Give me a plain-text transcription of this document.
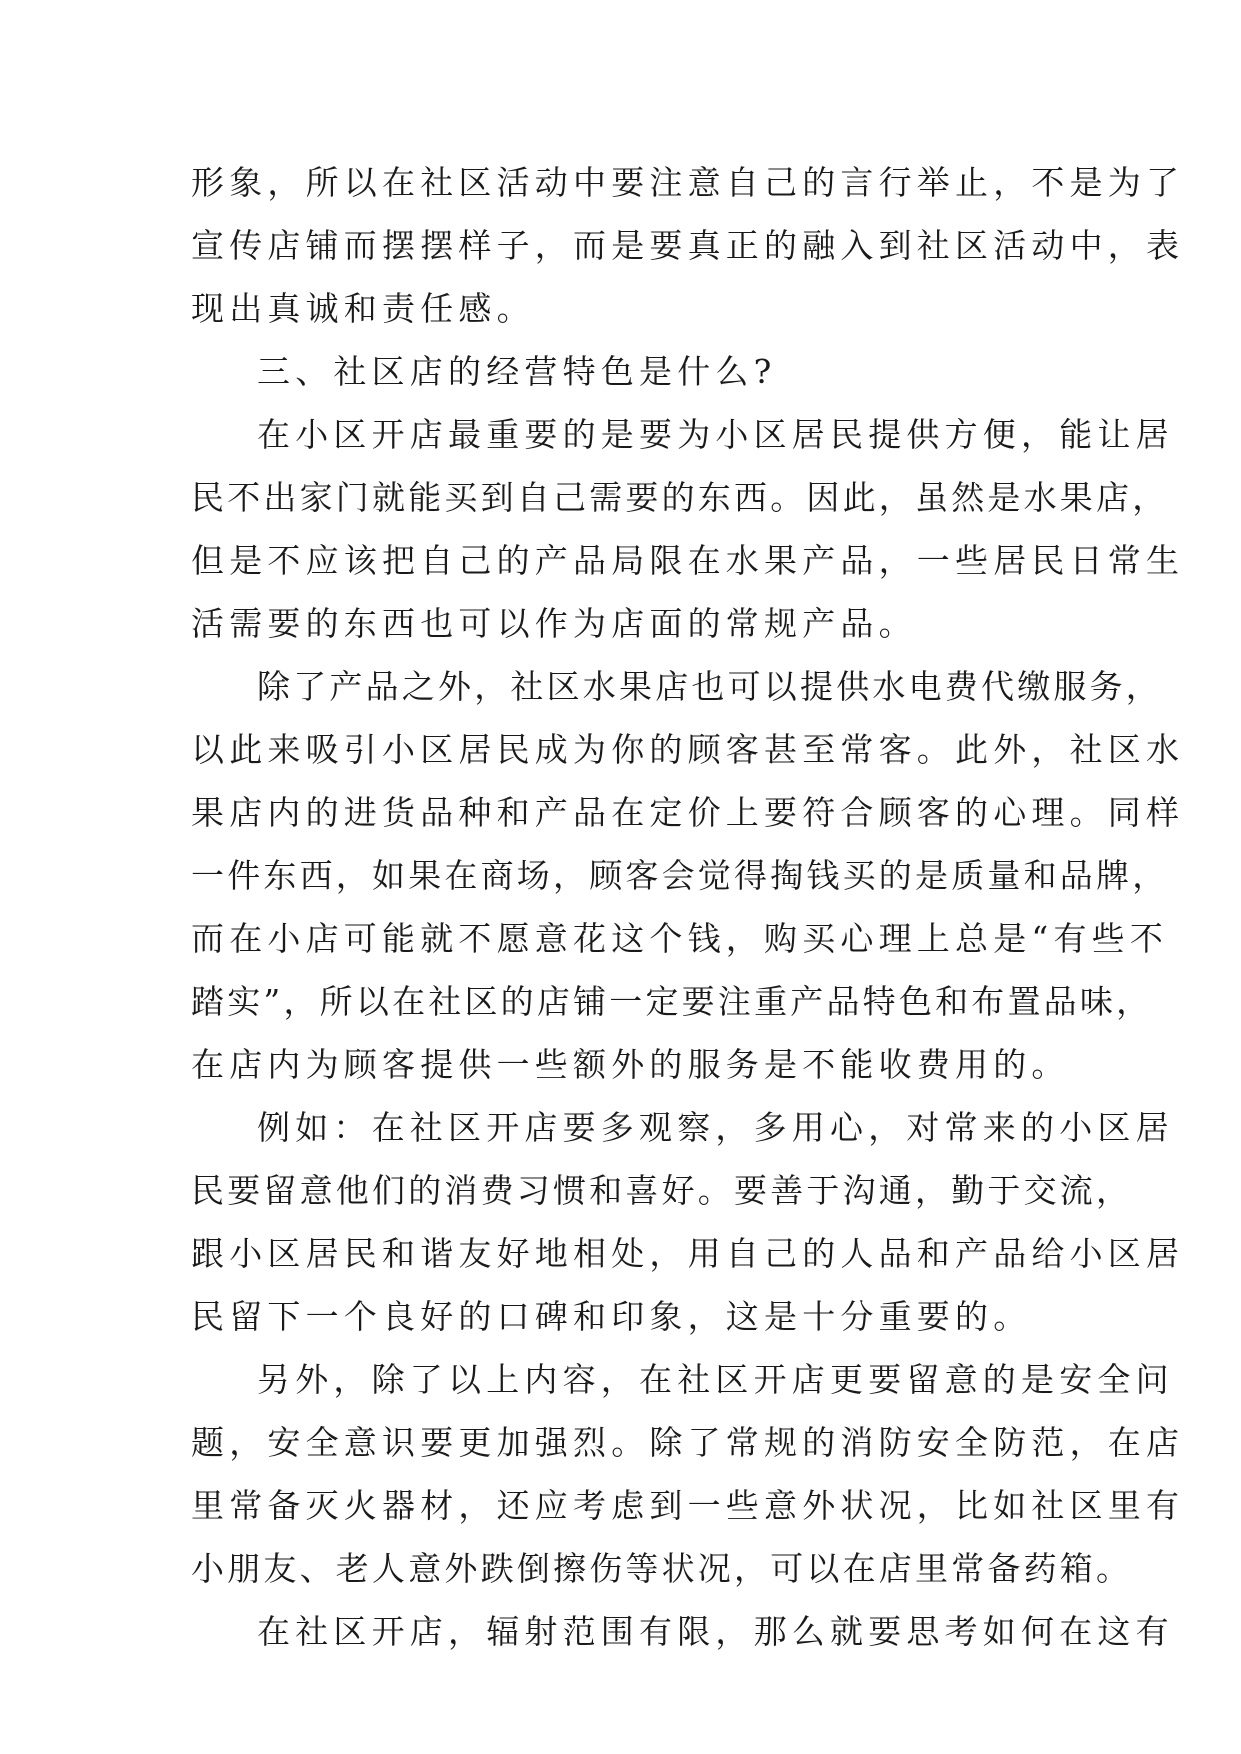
形象，所以在社区活动中要注意自己的言行举止，不是为了
宣传店铺而摆摆样子，而是要真正的融入到社区活动中，表
现出真诚和责任感。
三、社区店的经营特色是什么?
在小区开店最重要的是要为小区居民提供方便，能让居
民不出家门就能买到自己需要的东西。因此，虽然是水果店，
但是不应该把自己的产品局限在水果产品，一些居民日常生
活需要的东西也可以作为店面的常规产品。
除了产品之外，社区水果店也可以提供水电费代缴服务，
以此来吸引小区居民成为你的顾客甚至常客。此外，社区水
果店内的进货品种和产品在定价上要符合顾客的心理。同样
一件东西，如果在商场，顾客会觉得掏钱买的是质量和品牌，
而在小店可能就不愿意花这个钱，购买心理上总是“有些不
踏实”，所以在社区的店铺一定要注重产品特色和布置品味，
在店内为顾客提供一些额外的服务是不能收费用的。
例如：在社区开店要多观察，多用心，对常来的小区居
民要留意他们的消费习惯和喜好。要善于沟通，勤于交流，
跟小区居民和谐友好地相处，用自己的人品和产品给小区居
民留下一个良好的口碑和印象，这是十分重要的。
另外，除了以上内容，在社区开店更要留意的是安全问
题，安全意识要更加强烈。除了常规的消防安全防范，在店
里常备灭火器材，还应考虑到一些意外状况，比如社区里有
小朋友、老人意外跌倒擦伤等状况，可以在店里常备药箱。
在社区开店，辐射范围有限，那么就要思考如何在这有
